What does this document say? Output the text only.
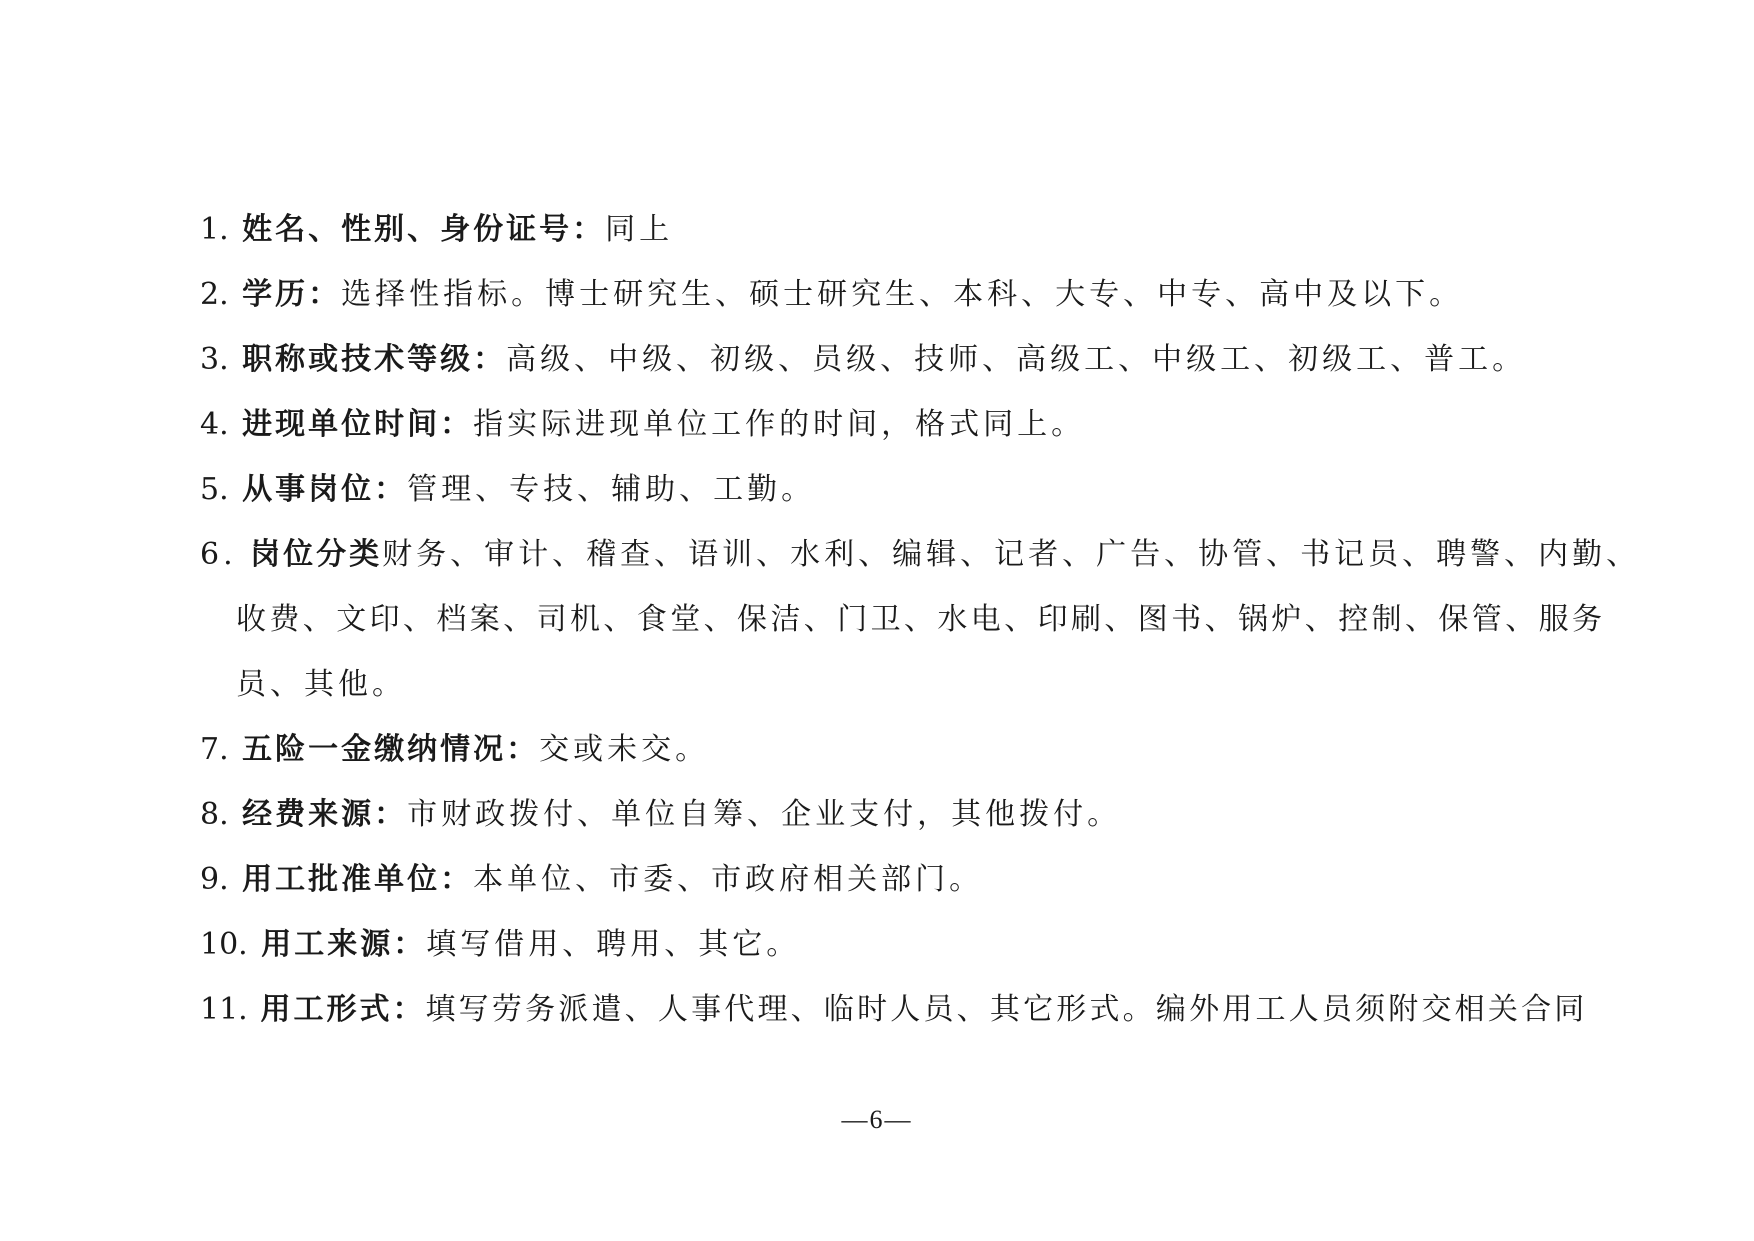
1. 姓名、性别、身份证号：同上
2. 学历：选择性指标。博士研究生、硕士研究生、本科、大专、中专、高中及以下。
3. 职称或技术等级：高级、中级、初级、员级、技师、高级工、中级工、初级工、普工。
4. 进现单位时间：指实际进现单位工作的时间，格式同上。
5. 从事岗位：管理、专技、辅助、工勤。
6. 岗位分类财务、审计、稽查、语训、水利、编辑、记者、广告、协管、书记员、聘警、内勤、
收费、文印、档案、司机、食堂、保洁、门卫、水电、印刷、图书、锅炉、控制、保管、服务
员、其他。
7. 五险一金缴纳情况：交或未交。
8. 经费来源：市财政拨付、单位自筹、企业支付，其他拨付。
9. 用工批准单位：本单位、市委、市政府相关部门。
10. 用工来源：填写借用、聘用、其它。
11. 用工形式：填写劳务派遣、人事代理、临时人员、其它形式。编外用工人员须附交相关合同
—6—
